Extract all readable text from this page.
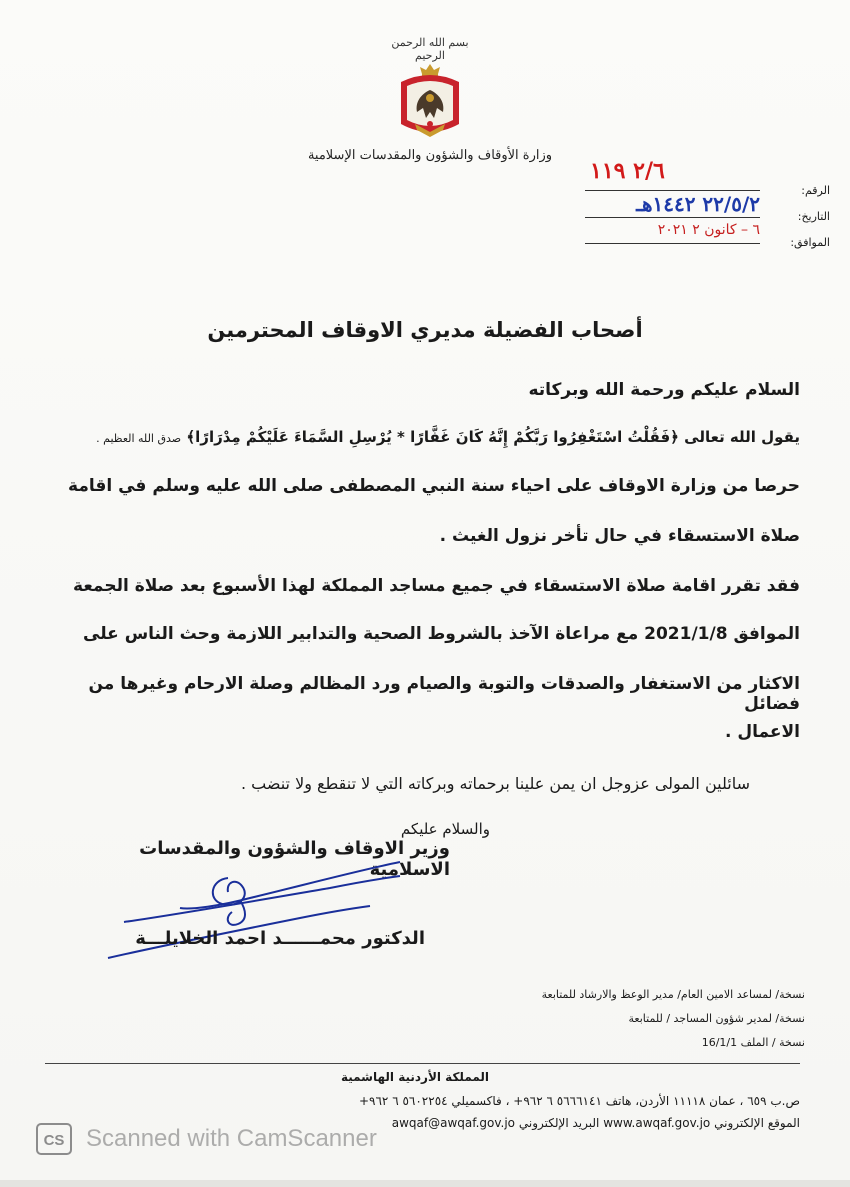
بسم الله الرحمن الرحيم
وزارة الأوقاف والشؤون والمقدسات الإسلامية
الرقم:
التاريخ:
الموافق:
٢/٦ ١١٩
٢٢/٥/٢ ١٤٤٢هـ
٦ – كانون ٢ ٢٠٢١
أصحاب الفضيلة مديري الاوقاف المحترمين
السلام عليكم ورحمة الله وبركاته
يقول الله تعالى ﴿فَقُلْتُ اسْتَغْفِرُوا رَبَّكُمْ إِنَّهُ كَانَ غَفَّارًا * يُرْسِلِ السَّمَاءَ عَلَيْكُمْ مِدْرَارًا﴾ صدق الله العظيم .
حرصا من وزارة الاوقاف على احياء سنة النبي المصطفى صلى الله عليه وسلم في اقامة
صلاة الاستسقاء في حال تأخر نزول الغيث .
فقد تقرر اقامة صلاة الاستسقاء في جميع مساجد المملكة لهذا الأسبوع بعد صلاة الجمعة
الموافق 2021/1/8 مع مراعاة الآخذ بالشروط الصحية والتدابير اللازمة وحث الناس على
الاكثار من الاستغفار والصدقات والتوبة والصيام ورد المظالم وصلة الارحام وغيرها من فضائل
الاعمال .
سائلين المولى عزوجل ان يمن علينا برحماته وبركاته التي لا تنقطع ولا تنضب .
والسلام عليكم
وزير الاوقاف والشؤون والمقدسات الاسلامية
الدكتور محمــــــد احمد الخلايلـــة
نسخة/ لمساعد الامين العام/ مدير الوعظ والارشاد للمتابعة
نسخة/ لمدير شؤون المساجد / للمتابعة
نسخة / الملف 16/1/1
المملكة الأردنية الهاشمية
ص.ب ٦٥٩ ، عمان ١١١١٨ الأردن، هاتف ٥٦٦٦١٤١ ٦ ٩٦٢+ ، فاكسميلي ٥٦٠٢٢٥٤ ٦ ٩٦٢+
الموقع الإلكتروني www.awqaf.gov.jo البريد الإلكتروني awqaf@awqaf.gov.jo
CS Scanned with CamScanner
